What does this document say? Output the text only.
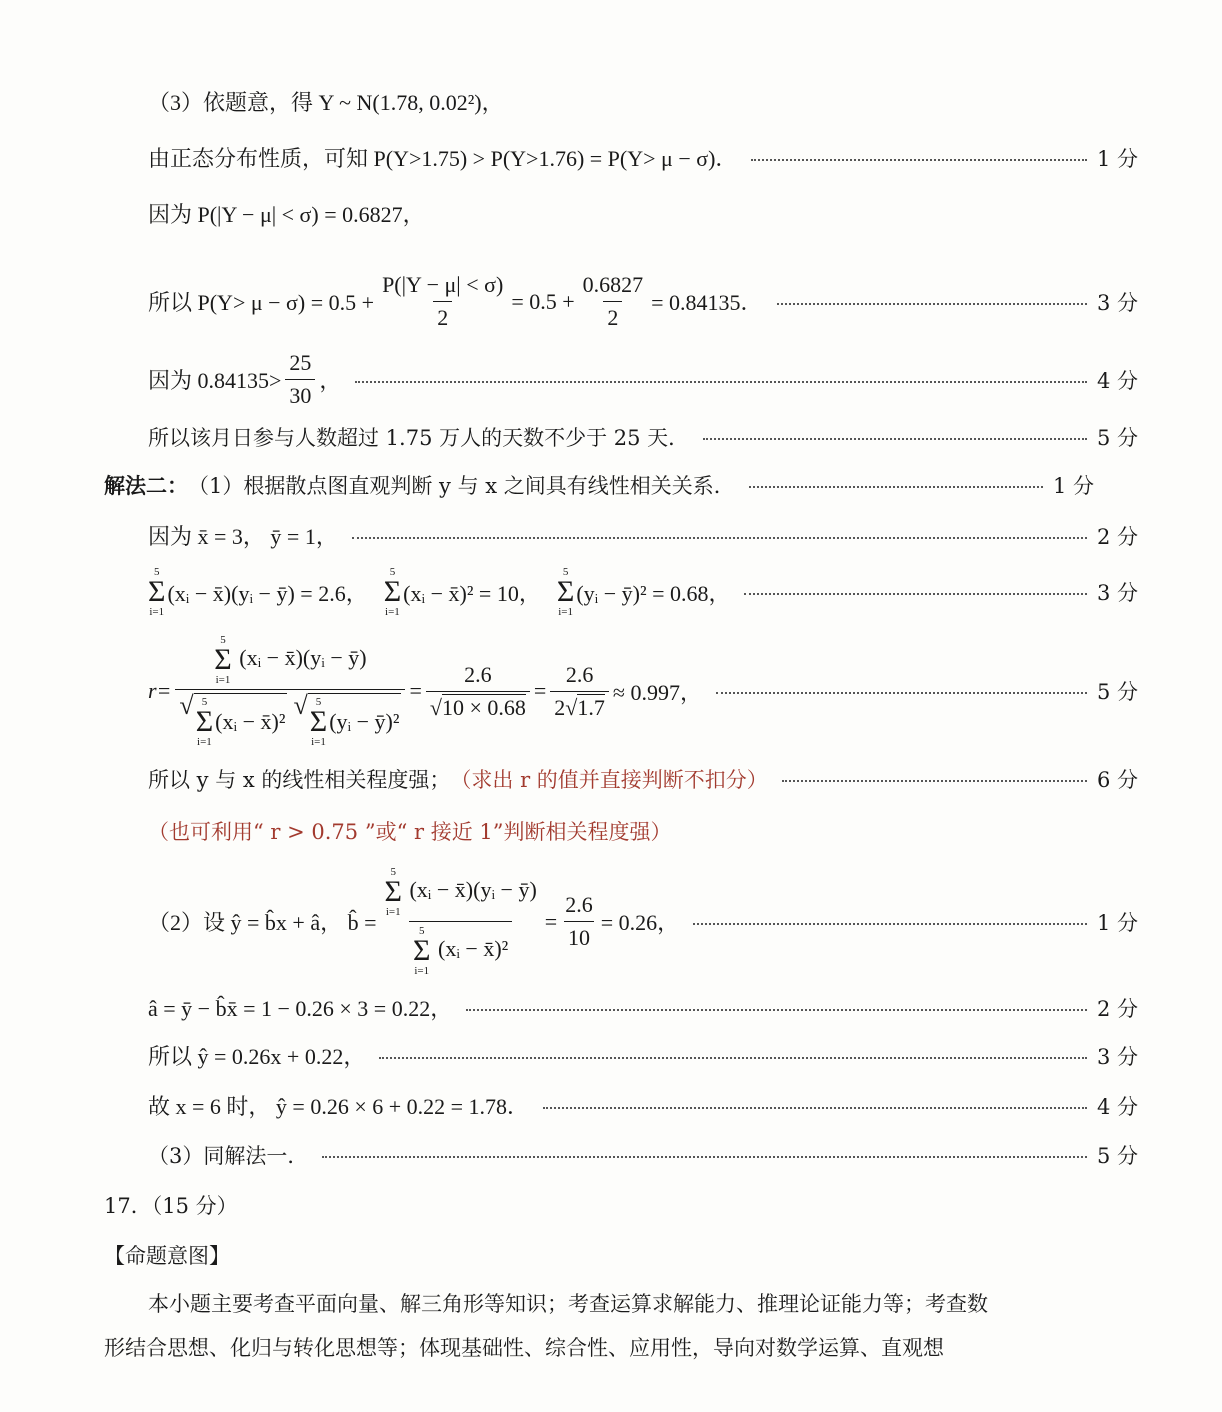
（3）依题意，得 Y ~ N(1.78, 0.02²)，
由正态分布性质，可知 P(Y>1.75) > P(Y>1.76) = P(Y> μ − σ)．	1 分
因为 P(|Y − μ| < σ) = 0.6827，
所以 $P(Y> \mu - \sigma) = 0.5 + \frac{P(|Y - \mu| < \sigma)}{2} = 0.5 + \frac{0.6827}{2} = 0.84135$．	3 分
因为 $0.84135> \frac{25}{30}$ ，	4 分
所以该月日参与人数超过 1.75 万人的天数不少于 25 天．	5 分
解法二： （1）根据散点图直观判断 y 与 x 之间具有线性相关关系．	1 分
因为 x̄ = 3， ȳ = 1，	2 分
5
Σ
i=1
(xᵢ − x̄)(yᵢ − ȳ) = 2.6，
5
Σ
i=1
(xᵢ − x̄)² = 10，
5
Σ
i=1
(yᵢ − ȳ)² = 0.68，	3 分
r=
5
Σ
i=1
(xᵢ − x̄)(yᵢ − ȳ)
√ 5
Σ
i=1
(xᵢ − x̄)²
√ 5
Σ
i=1
(yᵢ − ȳ)²
= $\frac{2.6}{√10 \times 0.68} = \frac{2.6}{2√1.7} \approx 0.997$，	5 分
所以 y 与 x 的线性相关程度强； （求出 r 的值并直接判断不扣分）	6 分
（也可利用“ r > 0.75 ”或“ r 接近 1”判断相关程度强）
（2）设 ŷ = b̂x + â， b̂ =
5
Σ
i=1
(xᵢ − x̄)(yᵢ − ȳ)
5
Σ
i=1
(xᵢ − x̄)²
= $\frac{2.6}{10} = 0.26$，	1 分
â = ȳ − b̂x̄ = 1 − 0.26 × 3 = 0.22，	2 分
所以 ŷ = 0.26x + 0.22，	3 分
故 x = 6 时， ŷ = 0.26 × 6 + 0.22 = 1.78．	4 分
（3）同解法一．	5 分
17．（15 分）
【命题意图】
本小题主要考查平面向量、解三角形等知识；考查运算求解能力、推理论证能力等；考查数形结合思想、化归与转化思想等；体现基础性、综合性、应用性，导向对数学运算、直观想
